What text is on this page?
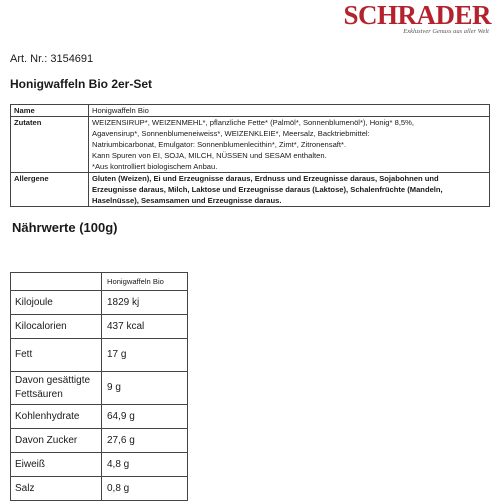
SCHRADER
Exklusiver Genuss aus aller Welt
Art. Nr.: 3154691
Honigwaffeln Bio 2er-Set
Name	Honigwaffeln Bio
Zutaten	WEIZENSIRUP*, WEIZENMEHL*, pflanzliche Fette* (Palmöl*, Sonnenblumenöl*), Honig* 8,5%,
Agavensirup*, Sonnenblumeneiweiss*, WEIZENKLEIE*, Meersalz, Backtriebmittel:
Natriumbicarbonat, Emulgator: Sonnenblumenlecithin*, Zimt*, Zitronensaft*.
Kann Spuren von EI, SOJA, MILCH, NÜSSEN und SESAM enthalten.
*Aus kontrolliert biologischem Anbau.

Allergene	Gluten (Weizen), Ei und Erzeugnisse daraus, Erdnuss und Erzeugnisse daraus, Sojabohnen und
Erzeugnisse daraus, Milch, Laktose und Erzeugnisse daraus (Laktose), Schalenfrüchte (Mandeln,
Haselnüsse), Sesamsamen und Erzeugnisse daraus.
Nährwerte (100g)
	Honigwaffeln Bio
Kilojoule	1829 kj
Kilocalorien	437 kcal
Fett	17 g
Davon gesättigte Fettsäuren	9 g
Kohlenhydrate	64,9 g
Davon Zucker	27,6 g
Eiweiß	4,8 g
Salz	0,8 g
